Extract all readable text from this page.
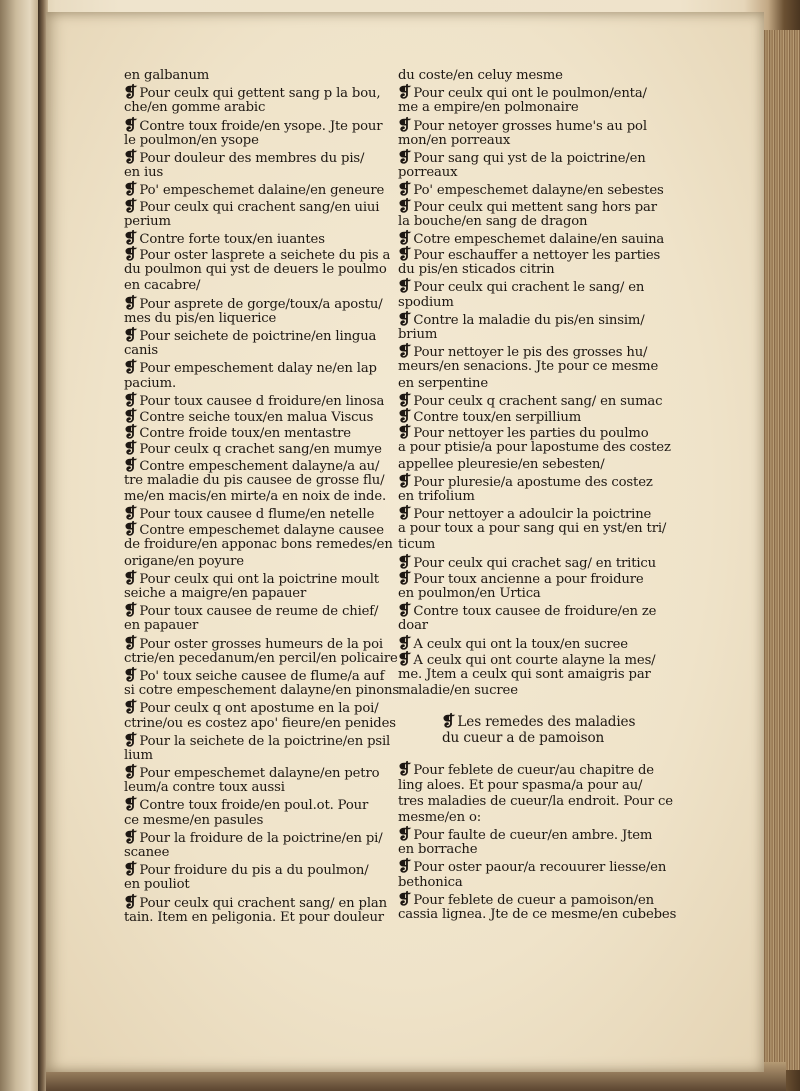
en galbanum
❡ Pour ceulx qui gettent sang p la bou,
che/en gomme arabic
❡ Contre toux froide/en ysope. Jte pour
le poulmon/en ysope
❡ Pour douleur des membres du pis/
en ius
❡ Po' empeschemet dalaine/en geneure
❡ Pour ceulx qui crachent sang/en uiui
perium
❡ Contre forte toux/en iuantes
❡ Pour oster lasprete a seichete du pis a
du poulmon qui yst de deuers le poulmo
en cacabre/
❡ Pour asprete de gorge/toux/a apostu/
mes du pis/en liquerice
❡ Pour seichete de poictrine/en lingua
canis
❡ Pour empeschement dalay ne/en lap
pacium.
❡ Pour toux causee d froidure/en linosa
❡ Contre seiche toux/en malua Viscus
❡ Contre froide toux/en mentastre
❡ Pour ceulx q crachet sang/en mumye
❡ Contre empeschement dalayne/a au/
tre maladie du pis causee de grosse flu/
me/en macis/en mirte/a en noix de inde.
❡ Pour toux causee d flume/en netelle
❡ Contre empeschemet dalayne causee
de froidure/en apponac bons remedes/en
origane/en poyure
❡ Pour ceulx qui ont la poictrine moult
seiche a maigre/en papauer
❡ Pour toux causee de reume de chief/
en papauer
❡ Pour oster grosses humeurs de la poi
ctrie/en pecedanum/en percil/en policaire
❡ Po' toux seiche causee de flume/a auf
si cotre empeschement dalayne/en pinons
❡ Pour ceulx q ont apostume en la poi/
ctrine/ou es costez apo' fieure/en penides
❡ Pour la seichete de la poictrine/en psil
lium
❡ Pour empeschemet dalayne/en petro
leum/a contre toux aussi
❡ Contre toux froide/en poul.ot. Pour
ce mesme/en pasules
❡ Pour la froidure de la poictrine/en pi/
scanee
❡ Pour froidure du pis a du poulmon/
en pouliot
❡ Pour ceulx qui crachent sang/ en plan
tain. Item en peligonia. Et pour douleur
du coste/en celuy mesme
❡ Pour ceulx qui ont le poulmon/enta/
me a empire/en polmonaire
❡ Pour netoyer grosses hume's au pol
mon/en porreaux
❡ Pour sang qui yst de la poictrine/en
porreaux
❡ Po' empeschemet dalayne/en sebestes
❡ Pour ceulx qui mettent sang hors par
la bouche/en sang de dragon
❡ Cotre empeschemet dalaine/en sauina
❡ Pour eschauffer a nettoyer les parties
du pis/en sticados citrin
❡ Pour ceulx qui crachent le sang/ en
spodium
❡ Contre la maladie du pis/en sinsim/
brium
❡ Pour nettoyer le pis des grosses hu/
meurs/en senacions. Jte pour ce mesme
en serpentine
❡ Pour ceulx q crachent sang/ en sumac
❡ Contre toux/en serpillium
❡ Pour nettoyer les parties du poulmo
a pour ptisie/a pour lapostume des costez
appellee pleuresie/en sebesten/
❡ Pour pluresie/a apostume des costez
en trifolium
❡ Pour nettoyer a adoulcir la poictrine
a pour toux a pour sang qui en yst/en tri/
ticum
❡ Pour ceulx qui crachet sag/ en triticu
❡ Pour toux ancienne a pour froidure
en poulmon/en Urtica
❡ Contre toux causee de froidure/en ze
doar
❡ A ceulx qui ont la toux/en sucree
❡ A ceulx qui ont courte alayne la mes/
me. Jtem a ceulx qui sont amaigris par
maladie/en sucree
❡ Les remedes des maladies
du cueur a de pamoison
❡ Pour feblete de cueur/au chapitre de
ling aloes. Et pour spasma/a pour au/
tres maladies de cueur/la endroit. Pour ce
mesme/en o:
❡ Pour faulte de cueur/en ambre. Jtem
en borrache
❡ Pour oster paour/a recouurer liesse/en
bethonica
❡ Pour feblete de cueur a pamoison/en
cassia lignea. Jte de ce mesme/en cubebes
